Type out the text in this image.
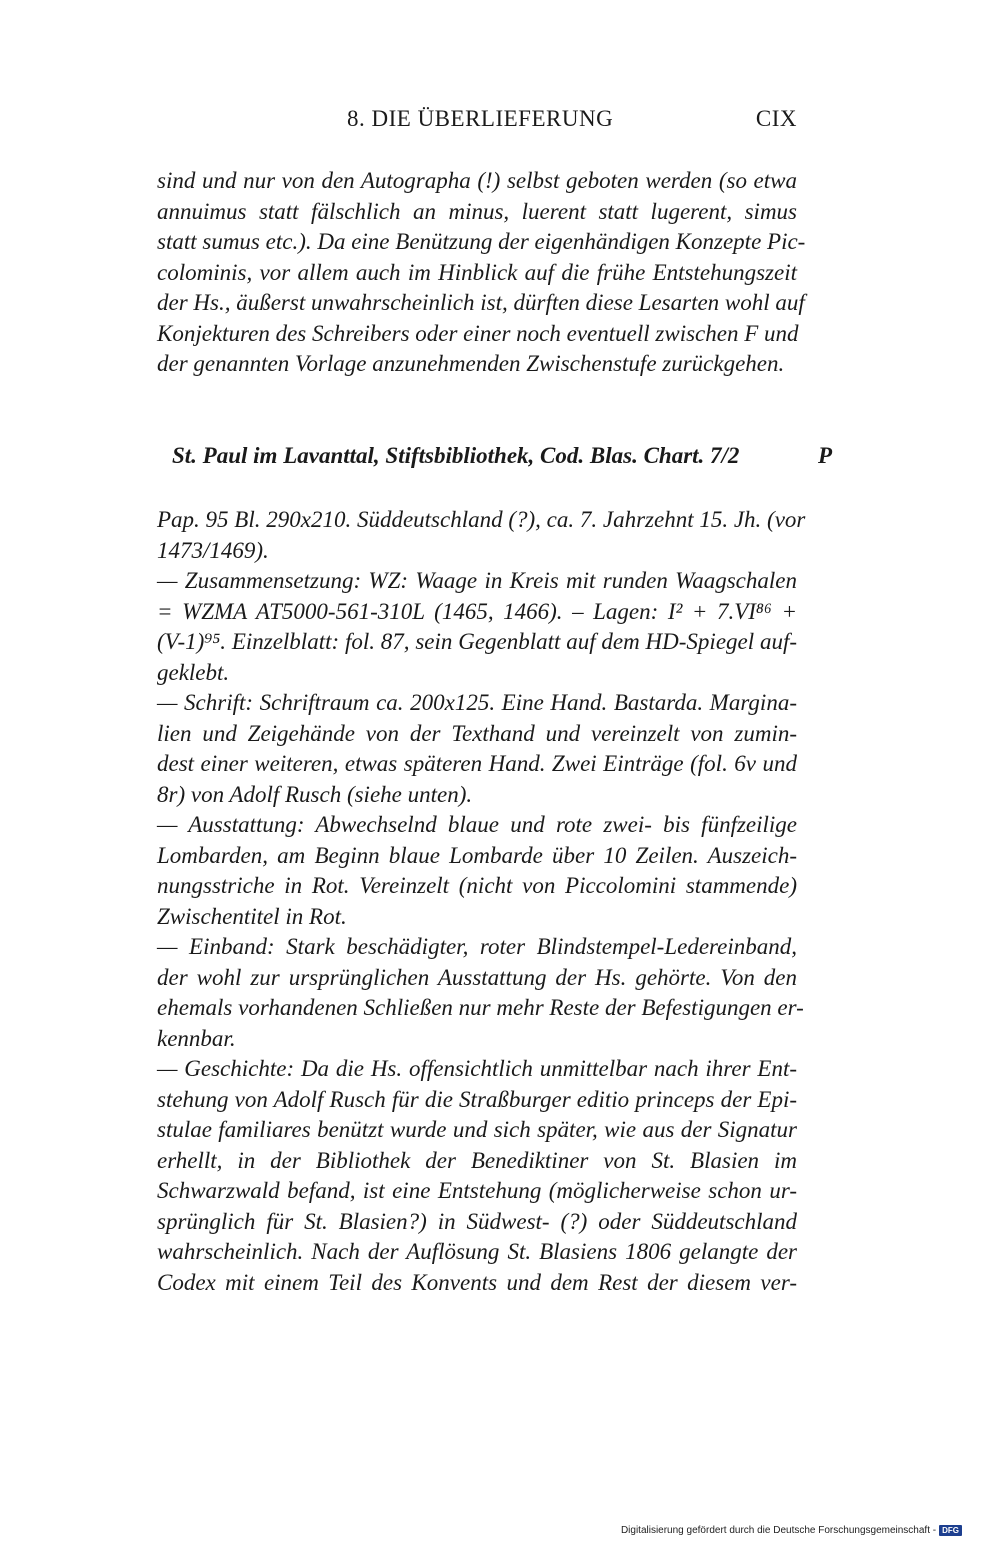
8. DIE ÜBERLIEFERUNG	CIX
sind und nur von den Autographa (!) selbst geboten werden (so etwa
annuimus statt fälschlich an minus, luerent statt lugerent, simus
statt sumus etc.). Da eine Benützung der eigenhändigen Konzepte Pic-
colominis, vor allem auch im Hinblick auf die frühe Entstehungszeit
der Hs., äußerst unwahrscheinlich ist, dürften diese Lesarten wohl auf
Konjekturen des Schreibers oder einer noch eventuell zwischen F und
der genannten Vorlage anzunehmenden Zwischenstufe zurückgehen.
St. Paul im Lavanttal, Stiftsbibliothek, Cod. Blas. Chart. 7/2	P
Pap. 95 Bl. 290x210. Süddeutschland (?), ca. 7. Jahrzehnt 15. Jh. (vor
1473/1469).
— Zusammensetzung: WZ: Waage in Kreis mit runden Waagschalen
= WZMA AT5000-561-310L (1465, 1466). – Lagen: I² + 7.VI⁸⁶ +
(V-1)⁹⁵. Einzelblatt: fol. 87, sein Gegenblatt auf dem HD-Spiegel auf-
geklebt.
— Schrift: Schriftraum ca. 200x125. Eine Hand. Bastarda. Margina-
lien und Zeigehände von der Texthand und vereinzelt von zumin-
dest einer weiteren, etwas späteren Hand. Zwei Einträge (fol. 6v und
8r) von Adolf Rusch (siehe unten).
— Ausstattung: Abwechselnd blaue und rote zwei- bis fünfzeilige
Lombarden, am Beginn blaue Lombarde über 10 Zeilen. Auszeich-
nungsstriche in Rot. Vereinzelt (nicht von Piccolomini stammende)
Zwischentitel in Rot.
— Einband: Stark beschädigter, roter Blindstempel-Ledereinband,
der wohl zur ursprünglichen Ausstattung der Hs. gehörte. Von den
ehemals vorhandenen Schließen nur mehr Reste der Befestigungen er-
kennbar.
— Geschichte: Da die Hs. offensichtlich unmittelbar nach ihrer Ent-
stehung von Adolf Rusch für die Straßburger editio princeps der Epi-
stulae familiares benützt wurde und sich später, wie aus der Signatur
erhellt, in der Bibliothek der Benediktiner von St. Blasien im
Schwarzwald befand, ist eine Entstehung (möglicherweise schon ur-
sprünglich für St. Blasien?) in Südwest- (?) oder Süddeutschland
wahrscheinlich. Nach der Auflösung St. Blasiens 1806 gelangte der
Codex mit einem Teil des Konvents und dem Rest der diesem ver-
Digitalisierung gefördert durch die Deutsche Forschungsgemeinschaft - DFG
